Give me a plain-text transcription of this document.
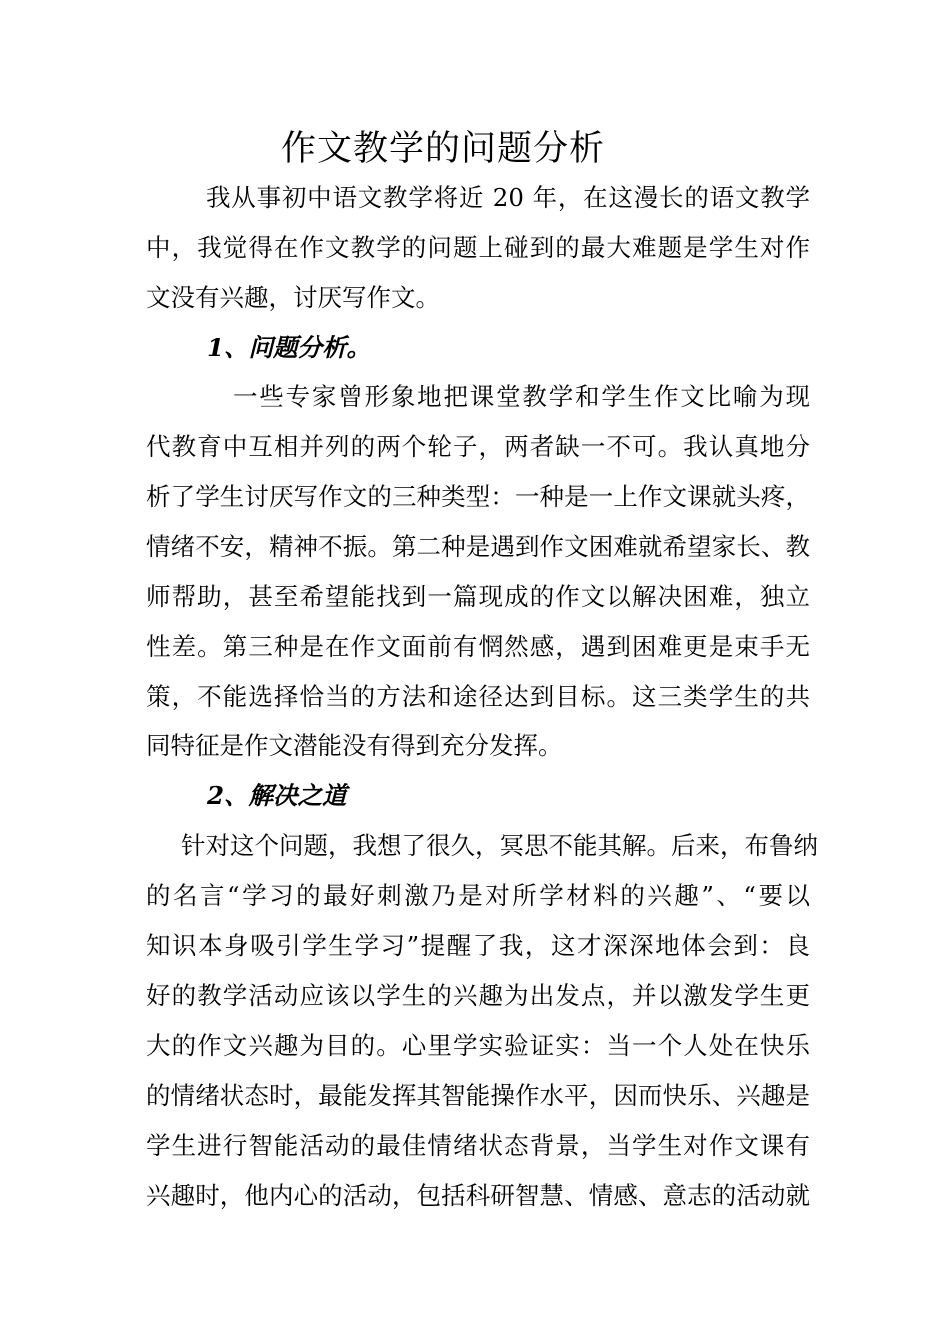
作文教学的问题分析
我从事初中语文教学将近 20 年，在这漫长的语文教学
中，我觉得在作文教学的问题上碰到的最大难题是学生对作
文没有兴趣，讨厌写作文。
1、问题分析。
一些专家曾形象地把课堂教学和学生作文比喻为现
代教育中互相并列的两个轮子，两者缺一不可。我认真地分
析了学生讨厌写作文的三种类型：一种是一上作文课就头疼，
情绪不安，精神不振。第二种是遇到作文困难就希望家长、教
师帮助，甚至希望能找到一篇现成的作文以解决困难，独立
性差。第三种是在作文面前有惘然感，遇到困难更是束手无
策，不能选择恰当的方法和途径达到目标。这三类学生的共
同特征是作文潜能没有得到充分发挥。
2、解决之道
针对这个问题，我想了很久，冥思不能其解。后来，布鲁纳
的名言“学习的最好刺激乃是对所学材料的兴趣”、“要以
知识本身吸引学生学习”提醒了我，这才深深地体会到：良
好的教学活动应该以学生的兴趣为出发点，并以激发学生更
大的作文兴趣为目的。心里学实验证实：当一个人处在快乐
的情绪状态时，最能发挥其智能操作水平，因而快乐、兴趣是
学生进行智能活动的最佳情绪状态背景，当学生对作文课有
兴趣时，他内心的活动，包括科研智慧、情感、意志的活动就
